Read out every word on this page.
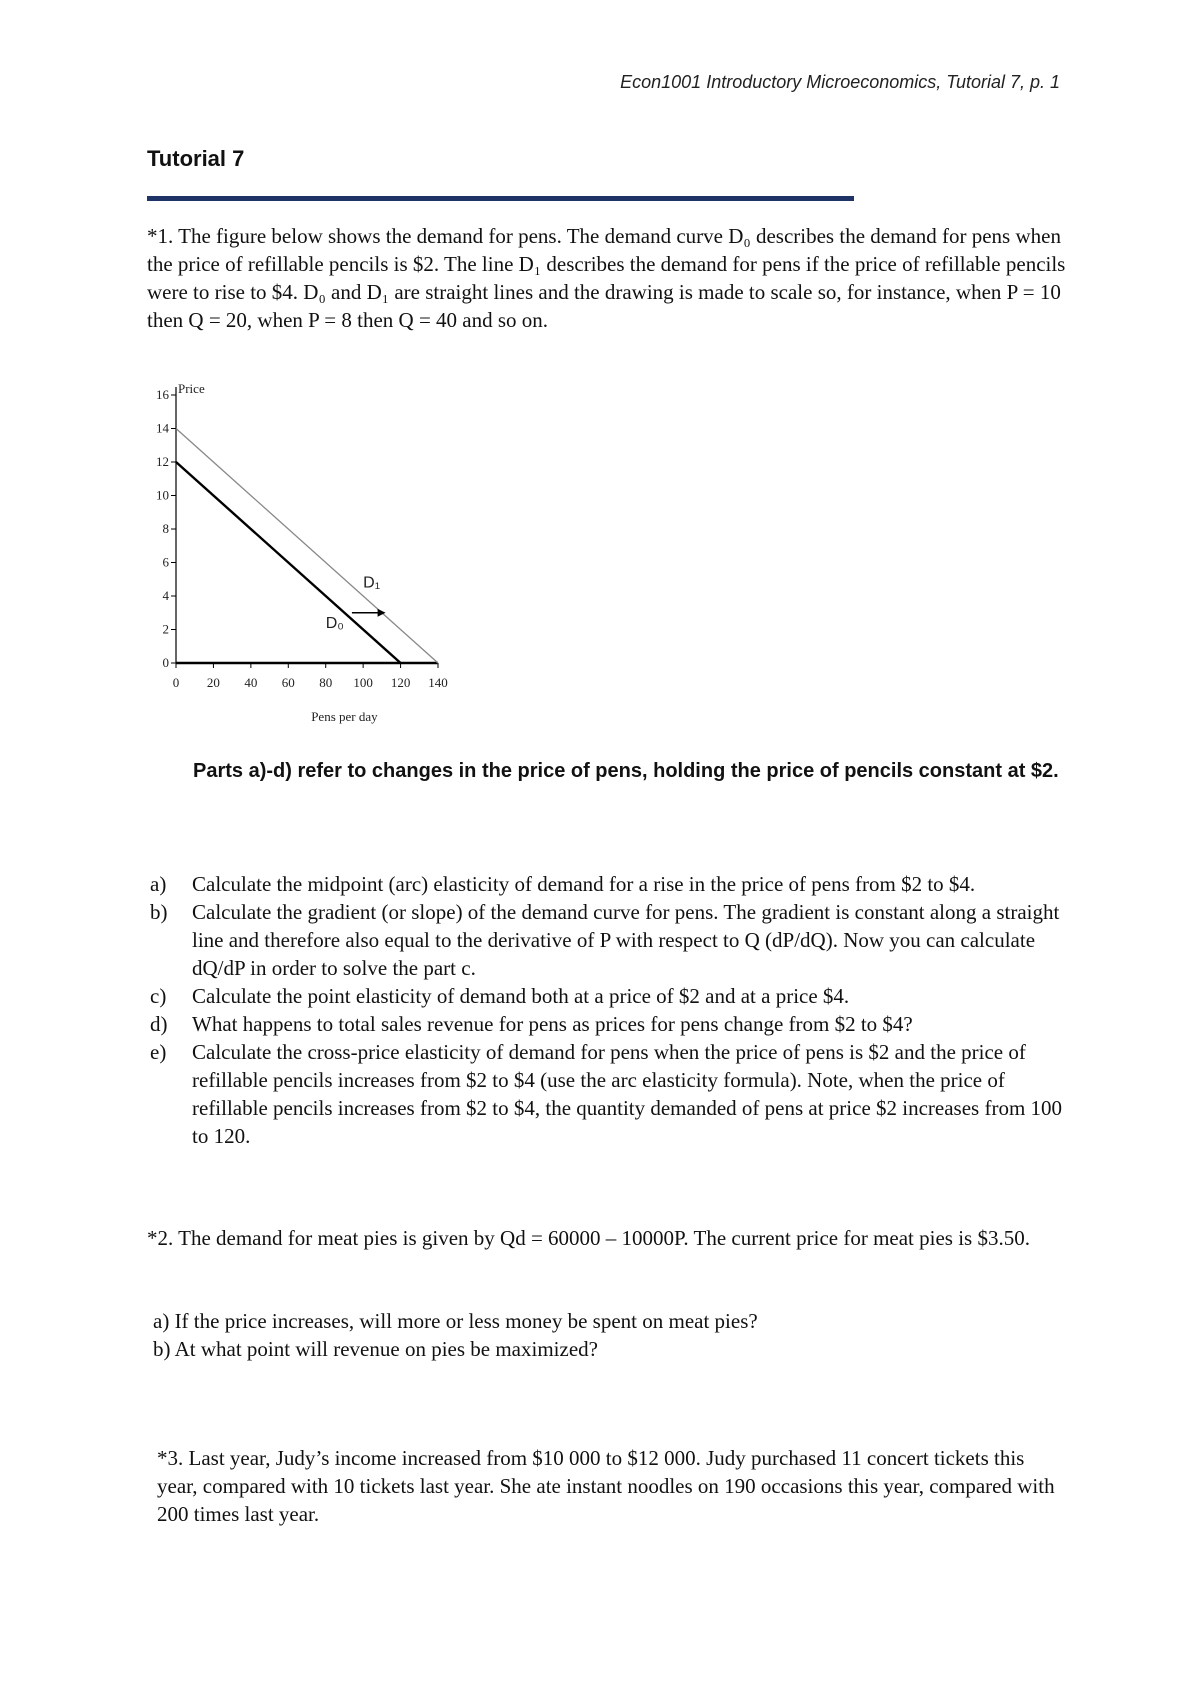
Econ1001 Introductory Microeconomics, Tutorial 7, p. 1
Tutorial 7
*1. The figure below shows the demand for pens. The demand curve D₀ describes the demand for pens when the price of refillable pencils is $2. The line D₁ describes the demand for pens if the price of refillable pencils were to rise to $4. D₀ and D₁ are straight lines and the drawing is made to scale so, for instance, when P = 10 then Q = 20, when P = 8 then Q = 40 and so on.
0
2
4
6
8
10
12
14
16
0 20 40 60 80 100 120 140
Price
Pens per day
D₀
D₁
Parts a)-d) refer to changes in the price of pens, holding the price of pencils constant at $2.
a)	Calculate the midpoint (arc) elasticity of demand for a rise in the price of pens from $2 to $4.
b)	Calculate the gradient (or slope) of the demand curve for pens. The gradient is constant along a straight line and therefore also equal to the derivative of P with respect to Q (dP/dQ). Now you can calculate dQ/dP in order to solve the part c.
c)	Calculate the point elasticity of demand both at a price of $2 and at a price $4.
d)	What happens to total sales revenue for pens as prices for pens change from $2 to $4?
e)	Calculate the cross-price elasticity of demand for pens when the price of pens is $2 and the price of refillable pencils increases from $2 to $4 (use the arc elasticity formula). Note, when the price of refillable pencils increases from $2 to $4, the quantity demanded of pens at price $2 increases from 100 to 120.
*2. The demand for meat pies is given by Qd = 60000 – 10000P. The current price for meat pies is $3.50.
a) If the price increases, will more or less money be spent on meat pies?
b) At what point will revenue on pies be maximized?
*3. Last year, Judy’s income increased from $10 000 to $12 000. Judy purchased 11 concert tickets this year, compared with 10 tickets last year. She ate instant noodles on 190 occasions this year, compared with 200 times last year.
